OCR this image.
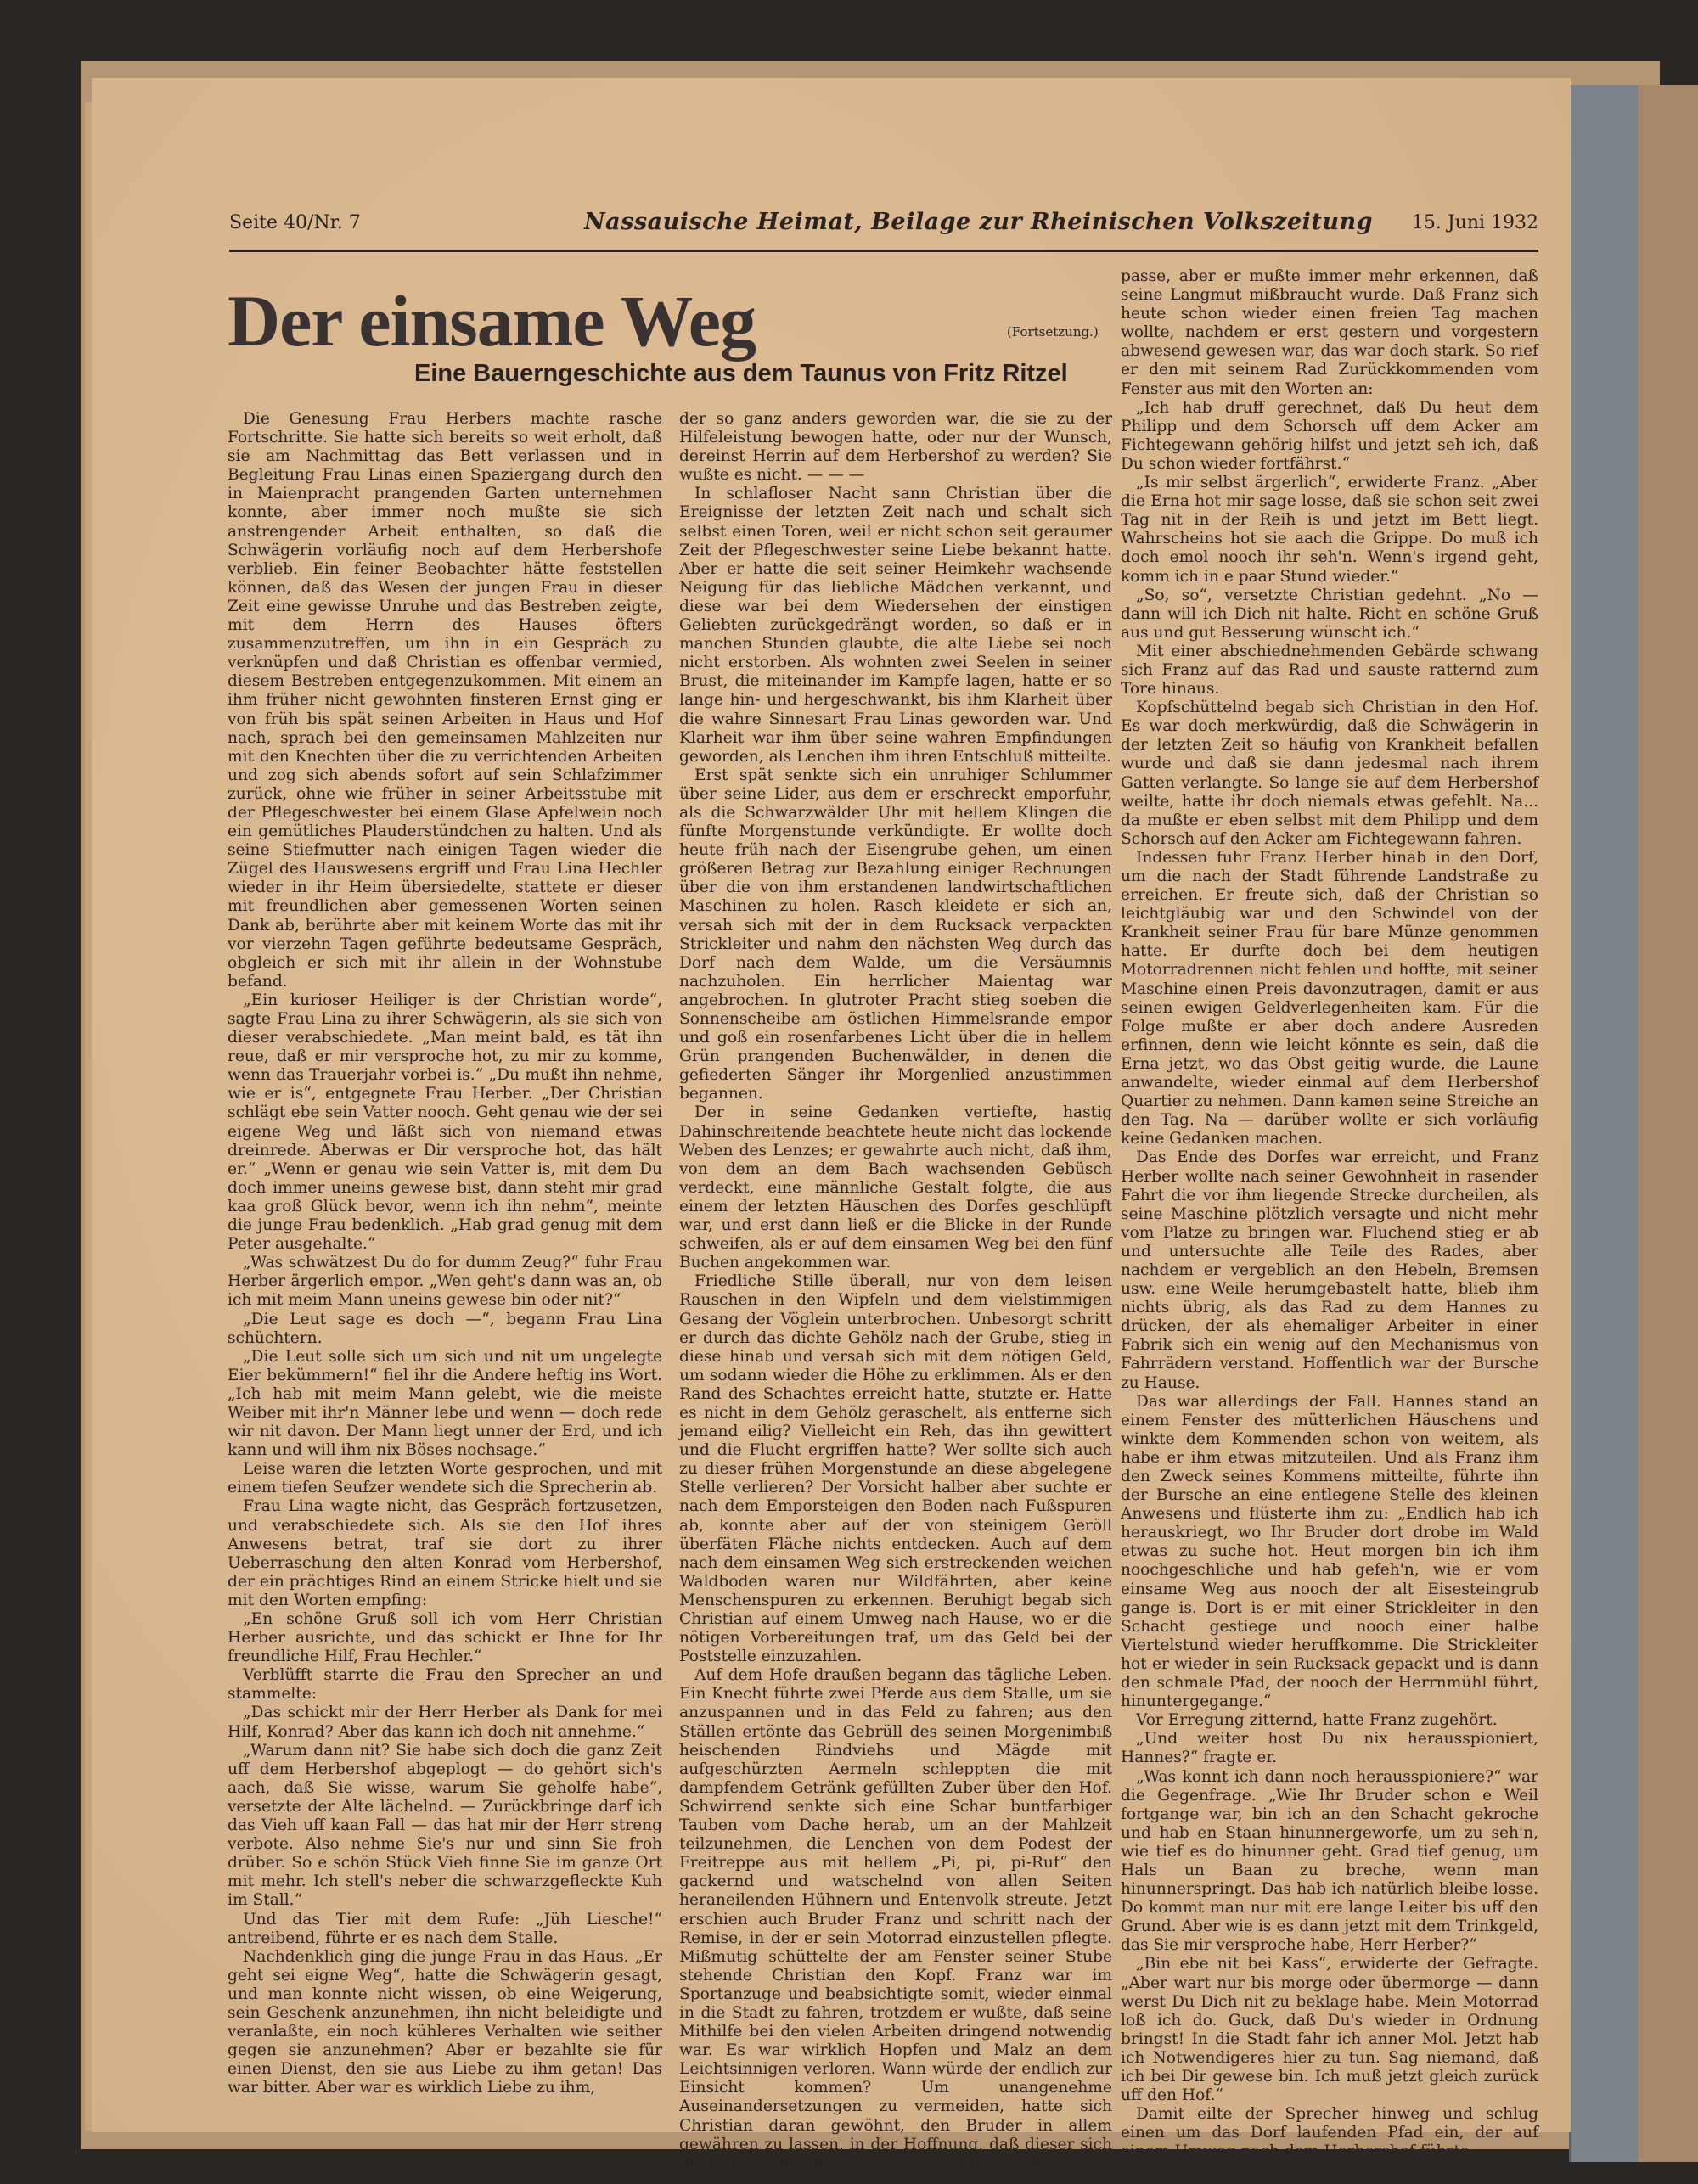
Seite 40/Nr. 7	Nassauische Heimat, Beilage zur Rheinischen Volkszeitung 15. Juni 1932
Der einsame Weg	(Fortsetzung.)
Eine Bauerngeschichte aus dem Taunus von Fritz Ritzel

Die Genesung Frau Herbers machte rasche Fortschritte. Sie hatte sich bereits so weit erholt, daß sie am Nachmittag das Bett verlassen und in Begleitung Frau Linas einen Spaziergang durch den in Maienpracht prangenden Garten unternehmen konnte, aber immer noch mußte sie sich anstrengender Arbeit enthalten, so daß die Schwägerin vorläufig noch auf dem Herbershofe verblieb. Ein feiner Beobachter hätte feststellen können, daß das Wesen der jungen Frau in dieser Zeit eine gewisse Unruhe und das Bestreben zeigte, mit dem Herrn des Hauses öfters zusammenzutreffen, um ihn in ein Gespräch zu verknüpfen und daß Christian es offenbar vermied, diesem Bestreben entgegenzukommen. Mit einem an ihm früher nicht gewohnten finsteren Ernst ging er von früh bis spät seinen Arbeiten in Haus und Hof nach, sprach bei den gemeinsamen Mahlzeiten nur mit den Knechten über die zu verrichtenden Arbeiten und zog sich abends sofort auf sein Schlafzimmer zurück, ohne wie früher in seiner Arbeitsstube mit der Pflegeschwester bei einem Glase Apfelwein noch ein gemütliches Plauderstündchen zu halten. Und als seine Stiefmutter nach einigen Tagen wieder die Zügel des Hauswesens ergriff und Frau Lina Hechler wieder in ihr Heim übersiedelte, stattete er dieser mit freundlichen aber gemessenen Worten seinen Dank ab, berührte aber mit keinem Worte das mit ihr vor vierzehn Tagen geführte bedeutsame Gespräch, obgleich er sich mit ihr allein in der Wohnstube befand.

„Ein kurioser Heiliger is der Christian worde“, sagte Frau Lina zu ihrer Schwägerin, als sie sich von dieser verabschiedete. „Man meint bald, es tät ihn reue, daß er mir versproche hot, zu mir zu komme, wenn das Trauerjahr vorbei is.“ „Du mußt ihn nehme, wie er is“, entgegnete Frau Herber. „Der Christian schlägt ebe sein Vatter nooch. Geht genau wie der sei eigene Weg und läßt sich von niemand etwas dreinrede. Aberwas er Dir versproche hot, das hält er.“ „Wenn er genau wie sein Vatter is, mit dem Du doch immer uneins gewese bist, dann steht mir grad kaa groß Glück bevor, wenn ich ihn nehm“, meinte die junge Frau bedenklich. „Hab grad genug mit dem Peter ausgehalte.“

„Was schwätzest Du do for dumm Zeug?“ fuhr Frau Herber ärgerlich empor. „Wen geht's dann was an, ob ich mit meim Mann uneins gewese bin oder nit?“

„Die Leut sage es doch —“, begann Frau Lina schüchtern.

„Die Leut solle sich um sich und nit um ungelegte Eier bekümmern!“ fiel ihr die Andere heftig ins Wort. „Ich hab mit meim Mann gelebt, wie die meiste Weiber mit ihr'n Männer lebe und wenn — doch rede wir nit davon. Der Mann liegt unner der Erd, und ich kann und will ihm nix Böses nochsage.“

Leise waren die letzten Worte gesprochen, und mit einem tiefen Seufzer wendete sich die Sprecherin ab.

Frau Lina wagte nicht, das Gespräch fortzusetzen, und verabschiedete sich. Als sie den Hof ihres Anwesens betrat, traf sie dort zu ihrer Ueberraschung den alten Konrad vom Herbershof, der ein prächtiges Rind an einem Stricke hielt und sie mit den Worten empfing:

„En schöne Gruß soll ich vom Herr Christian Herber ausrichte, und das schickt er Ihne for Ihr freundliche Hilf, Frau Hechler.“

Verblüfft starrte die Frau den Sprecher an und stammelte:

„Das schickt mir der Herr Herber als Dank for mei Hilf, Konrad? Aber das kann ich doch nit annehme.“

„Warum dann nit? Sie habe sich doch die ganz Zeit uff dem Herbershof abgeplogt — do gehört sich's aach, daß Sie wisse, warum Sie geholfe habe“, versetzte der Alte lächelnd. — Zurückbringe darf ich das Vieh uff kaan Fall — das hat mir der Herr streng verbote. Also nehme Sie's nur und sinn Sie froh drüber. So e schön Stück Vieh finne Sie im ganze Ort mit mehr. Ich stell's neber die schwarzgefleckte Kuh im Stall.“

Und das Tier mit dem Rufe: „Jüh Liesche!“ antreibend, führte er es nach dem Stalle.

Nachdenklich ging die junge Frau in das Haus. „Er geht sei eigne Weg“, hatte die Schwägerin gesagt, und man konnte nicht wissen, ob eine Weigerung, sein Geschenk anzunehmen, ihn nicht beleidigte und veranlaßte, ein noch kühleres Verhalten wie seither gegen sie anzunehmen? Aber er bezahlte sie für einen Dienst, den sie aus Liebe zu ihm getan! Das war bitter. Aber war es wirklich Liebe zu ihm,

der so ganz anders geworden war, die sie zu der Hilfeleistung bewogen hatte, oder nur der Wunsch, dereinst Herrin auf dem Herbershof zu werden? Sie wußte es nicht. — — —

In schlafloser Nacht sann Christian über die Ereignisse der letzten Zeit nach und schalt sich selbst einen Toren, weil er nicht schon seit geraumer Zeit der Pflegeschwester seine Liebe bekannt hatte. Aber er hatte die seit seiner Heimkehr wachsende Neigung für das liebliche Mädchen verkannt, und diese war bei dem Wiedersehen der einstigen Geliebten zurückgedrängt worden, so daß er in manchen Stunden glaubte, die alte Liebe sei noch nicht erstorben. Als wohnten zwei Seelen in seiner Brust, die miteinander im Kampfe lagen, hatte er so lange hin- und hergeschwankt, bis ihm Klarheit über die wahre Sinnesart Frau Linas geworden war. Und Klarheit war ihm über seine wahren Empfindungen geworden, als Lenchen ihm ihren Entschluß mitteilte.

Erst spät senkte sich ein unruhiger Schlummer über seine Lider, aus dem er erschreckt emporfuhr, als die Schwarzwälder Uhr mit hellem Klingen die fünfte Morgenstunde verkündigte. Er wollte doch heute früh nach der Eisengrube gehen, um einen größeren Betrag zur Bezahlung einiger Rechnungen über die von ihm erstandenen landwirtschaftlichen Maschinen zu holen. Rasch kleidete er sich an, versah sich mit der in dem Rucksack verpackten Strickleiter und nahm den nächsten Weg durch das Dorf nach dem Walde, um die Versäumnis nachzuholen. Ein herrlicher Maientag war angebrochen. In glutroter Pracht stieg soeben die Sonnenscheibe am östlichen Himmelsrande empor und goß ein rosenfarbenes Licht über die in hellem Grün prangenden Buchenwälder, in denen die gefiederten Sänger ihr Morgenlied anzustimmen begannen.

Der in seine Gedanken vertiefte, hastig Dahinschreitende beachtete heute nicht das lockende Weben des Lenzes; er gewahrte auch nicht, daß ihm, von dem an dem Bach wachsenden Gebüsch verdeckt, eine männliche Gestalt folgte, die aus einem der letzten Häuschen des Dorfes geschlüpft war, und erst dann ließ er die Blicke in der Runde schweifen, als er auf dem einsamen Weg bei den fünf Buchen angekommen war.

Friedliche Stille überall, nur von dem leisen Rauschen in den Wipfeln und dem vielstimmigen Gesang der Vöglein unterbrochen. Unbesorgt schritt er durch das dichte Gehölz nach der Grube, stieg in diese hinab und versah sich mit dem nötigen Geld, um sodann wieder die Höhe zu erklimmen. Als er den Rand des Schachtes erreicht hatte, stutzte er. Hatte es nicht in dem Gehölz geraschelt, als entferne sich jemand eilig? Vielleicht ein Reh, das ihn gewittert und die Flucht ergriffen hatte? Wer sollte sich auch zu dieser frühen Morgenstunde an diese abgelegene Stelle verlieren? Der Vorsicht halber aber suchte er nach dem Emporsteigen den Boden nach Fußspuren ab, konnte aber auf der von steinigem Geröll überfäten Fläche nichts entdecken. Auch auf dem nach dem einsamen Weg sich erstreckenden weichen Waldboden waren nur Wildfährten, aber keine Menschenspuren zu erkennen. Beruhigt begab sich Christian auf einem Umweg nach Hause, wo er die nötigen Vorbereitungen traf, um das Geld bei der Poststelle einzuzahlen.

Auf dem Hofe draußen begann das tägliche Leben. Ein Knecht führte zwei Pferde aus dem Stalle, um sie anzuspannen und in das Feld zu fahren; aus den Ställen ertönte das Gebrüll des seinen Morgenimbiß heischenden Rindviehs und Mägde mit aufgeschürzten Aermeln schleppten die mit dampfendem Getränk gefüllten Zuber über den Hof. Schwirrend senkte sich eine Schar buntfarbiger Tauben vom Dache herab, um an der Mahlzeit teilzunehmen, die Lenchen von dem Podest der Freitreppe aus mit hellem „Pi, pi, pi-Ruf“ den gackernd und watschelnd von allen Seiten heraneilenden Hühnern und Entenvolk streute. Jetzt erschien auch Bruder Franz und schritt nach der Remise, in der er sein Motorrad einzustellen pflegte. Mißmutig schüttelte der am Fenster seiner Stube stehende Christian den Kopf. Franz war im Sportanzuge und beabsichtigte somit, wieder einmal in die Stadt zu fahren, trotzdem er wußte, daß seine Mithilfe bei den vielen Arbeiten dringend notwendig war. Es war wirklich Hopfen und Malz an dem Leichtsinnigen verloren. Wann würde der endlich zur Einsicht kommen? Um unangenehme Auseinandersetzungen zu vermeiden, hatte sich Christian daran gewöhnt, den Bruder in allem gewähren zu lassen, in der Hoffnung, daß dieser sich mit der Zeit den gegebenen Verhältnissen an-

passe, aber er mußte immer mehr erkennen, daß seine Langmut mißbraucht wurde. Daß Franz sich heute schon wieder einen freien Tag machen wollte, nachdem er erst gestern und vorgestern abwesend gewesen war, das war doch stark. So rief er den mit seinem Rad Zurückkommenden vom Fenster aus mit den Worten an:

„Ich hab druff gerechnet, daß Du heut dem Philipp und dem Schorsch uff dem Acker am Fichtegewann gehörig hilfst und jetzt seh ich, daß Du schon wieder fortfährst.“

„Is mir selbst ärgerlich“, erwiderte Franz. „Aber die Erna hot mir sage losse, daß sie schon seit zwei Tag nit in der Reih is und jetzt im Bett liegt. Wahrscheins hot sie aach die Grippe. Do muß ich doch emol nooch ihr seh'n. Wenn's irgend geht, komm ich in e paar Stund wieder.“

„So, so“, versetzte Christian gedehnt. „No — dann will ich Dich nit halte. Richt en schöne Gruß aus und gut Besserung wünscht ich.“

Mit einer abschiednehmenden Gebärde schwang sich Franz auf das Rad und sauste ratternd zum Tore hinaus.

Kopfschüttelnd begab sich Christian in den Hof. Es war doch merkwürdig, daß die Schwägerin in der letzten Zeit so häufig von Krankheit befallen wurde und daß sie dann jedesmal nach ihrem Gatten verlangte. So lange sie auf dem Herbershof weilte, hatte ihr doch niemals etwas gefehlt. Na... da mußte er eben selbst mit dem Philipp und dem Schorsch auf den Acker am Fichtegewann fahren.

Indessen fuhr Franz Herber hinab in den Dorf, um die nach der Stadt führende Landstraße zu erreichen. Er freute sich, daß der Christian so leichtgläubig war und den Schwindel von der Krankheit seiner Frau für bare Münze genommen hatte. Er durfte doch bei dem heutigen Motorradrennen nicht fehlen und hoffte, mit seiner Maschine einen Preis davonzutragen, damit er aus seinen ewigen Geldverlegenheiten kam. Für die Folge mußte er aber doch andere Ausreden erfinnen, denn wie leicht könnte es sein, daß die Erna jetzt, wo das Obst geitig wurde, die Laune anwandelte, wieder einmal auf dem Herbershof Quartier zu nehmen. Dann kamen seine Streiche an den Tag. Na — darüber wollte er sich vorläufig keine Gedanken machen.

Das Ende des Dorfes war erreicht, und Franz Herber wollte nach seiner Gewohnheit in rasender Fahrt die vor ihm liegende Strecke durcheilen, als seine Maschine plötzlich versagte und nicht mehr vom Platze zu bringen war. Fluchend stieg er ab und untersuchte alle Teile des Rades, aber nachdem er vergeblich an den Hebeln, Bremsen usw. eine Weile herumgebastelt hatte, blieb ihm nichts übrig, als das Rad zu dem Hannes zu drücken, der als ehemaliger Arbeiter in einer Fabrik sich ein wenig auf den Mechanismus von Fahrrädern verstand. Hoffentlich war der Bursche zu Hause.

Das war allerdings der Fall. Hannes stand an einem Fenster des mütterlichen Häuschens und winkte dem Kommenden schon von weitem, als habe er ihm etwas mitzuteilen. Und als Franz ihm den Zweck seines Kommens mitteilte, führte ihn der Bursche an eine entlegene Stelle des kleinen Anwesens und flüsterte ihm zu: „Endlich hab ich herauskriegt, wo Ihr Bruder dort drobe im Wald etwas zu suche hot. Heut morgen bin ich ihm noochgeschliche und hab gefeh'n, wie er vom einsame Weg aus nooch der alt Eisesteingrub gange is. Dort is er mit einer Strickleiter in den Schacht gestiege und nooch einer halbe Viertelstund wieder heruffkomme. Die Strickleiter hot er wieder in sein Rucksack gepackt und is dann den schmale Pfad, der nooch der Herrnmühl führt, hinuntergegange.“

Vor Erregung zitternd, hatte Franz zugehört.

„Und weiter host Du nix herausspioniert, Hannes?“ fragte er.

„Was konnt ich dann noch herausspioniere?“ war die Gegenfrage. „Wie Ihr Bruder schon e Weil fortgange war, bin ich an den Schacht gekroche und hab en Staan hinunnergeworfe, um zu seh'n, wie tief es do hinunner geht. Grad tief genug, um Hals un Baan zu breche, wenn man hinunnerspringt. Das hab ich natürlich bleibe losse. Do kommt man nur mit ere lange Leiter bis uff den Grund. Aber wie is es dann jetzt mit dem Trinkgeld, das Sie mir versproche habe, Herr Herber?“

„Bin ebe nit bei Kass“, erwiderte der Gefragte. „Aber wart nur bis morge oder übermorge — dann werst Du Dich nit zu beklage habe. Mein Motorrad loß ich do. Guck, daß Du's wieder in Ordnung bringst! In die Stadt fahr ich anner Mol. Jetzt hab ich Notwendigeres hier zu tun. Sag niemand, daß ich bei Dir gewese bin. Ich muß jetzt gleich zurück uff den Hof.“

Damit eilte der Sprecher hinweg und schlug einen um das Dorf laufenden Pfad ein, der auf einem Umweg nach dem Herbershof führte.

(Fortsetzung folgt.)
